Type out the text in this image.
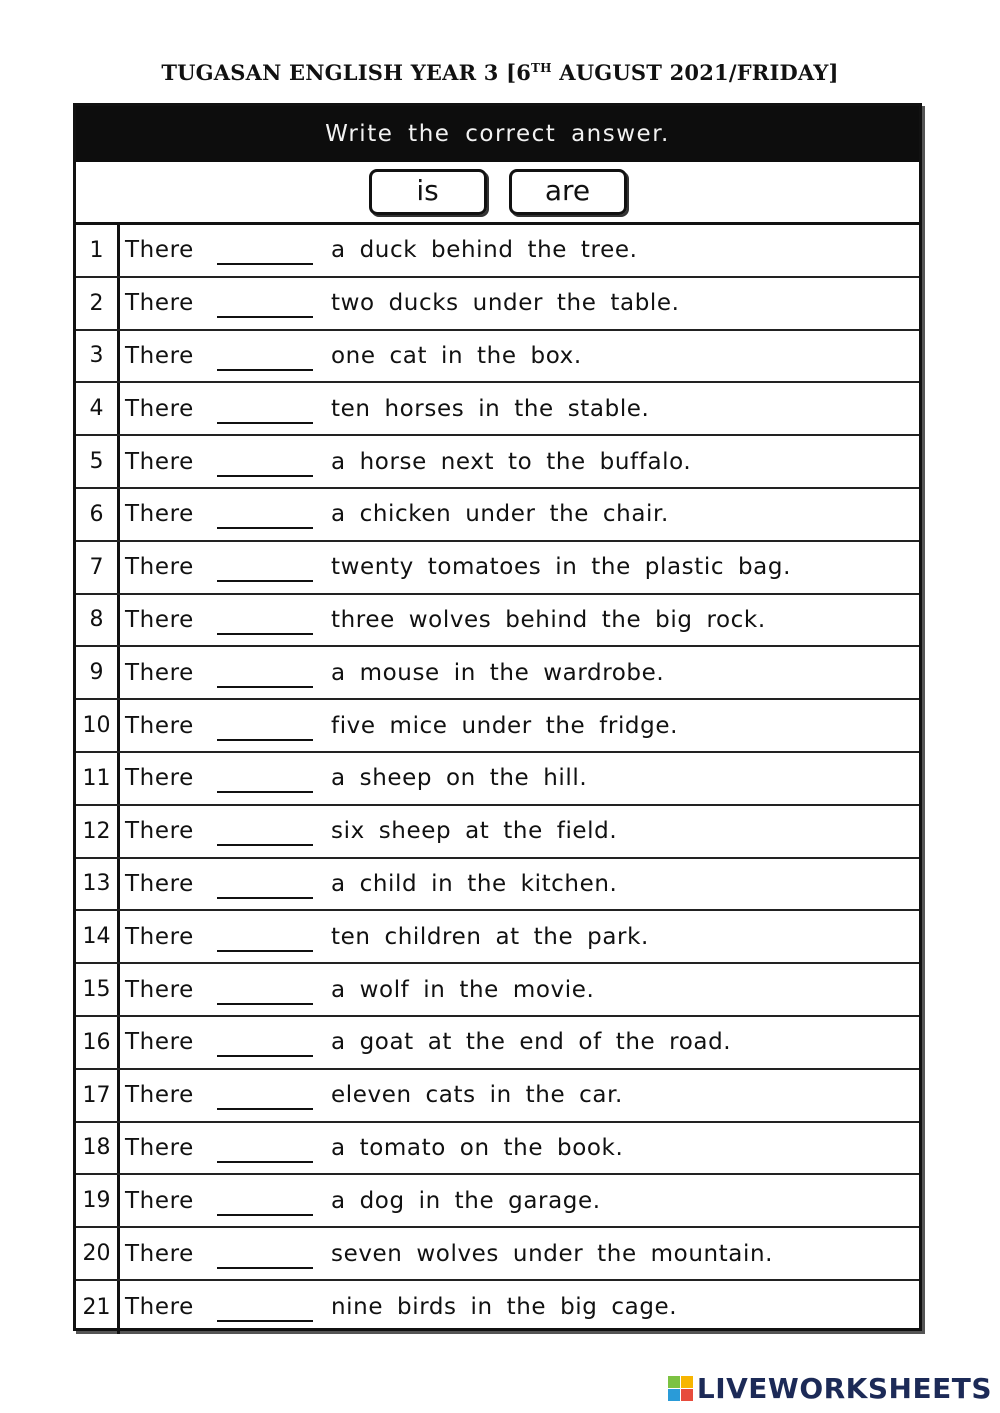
TUGASAN ENGLISH YEAR 3 [6TH AUGUST 2021/FRIDAY]
Write the correct answer.
is	are
1 There	a duck behind the tree.
2 There	two ducks under the table.
3 There	one cat in the box.
4 There	ten horses in the stable.
5 There	a horse next to the buffalo.
6 There	a chicken under the chair.
7 There	twenty tomatoes in the plastic bag.
8 There	three wolves behind the big rock.
9 There	a mouse in the wardrobe.
10 There	five mice under the fridge.
11 There	a sheep on the hill.
12 There	six sheep at the field.
13 There	a child in the kitchen.
14 There	ten children at the park.
15 There	a wolf in the movie.
16 There	a goat at the end of the road.
17 There	eleven cats in the car.
18 There	a tomato on the book.
19 There	a dog in the garage.
20 There	seven wolves under the mountain.
21 There	nine birds in the big cage.
LIVEWORKSHEETS
